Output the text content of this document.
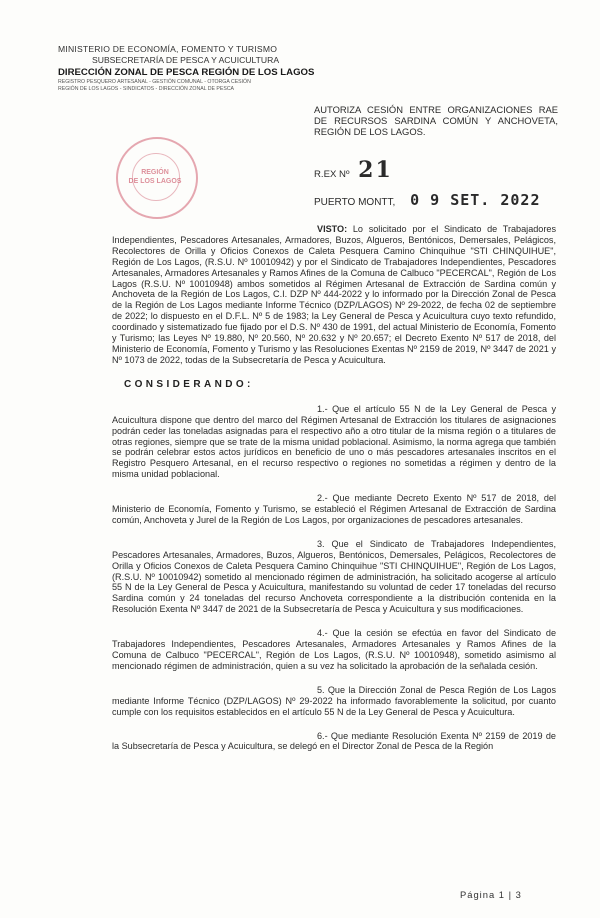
MINISTERIO DE ECONOMÍA, FOMENTO Y TURISMO
SUBSECRETARÍA DE PESCA Y ACUICULTURA
DIRECCIÓN ZONAL DE PESCA REGIÓN DE LOS LAGOS
REGISTRO PESQUERO ARTESANAL - GESTIÓN COMUNAL - OTORGA CESIÓN
REGIÓN DE LOS LAGOS - SINDICATOS - DIRECCIÓN ZONAL DE PESCA
REGIÓN
DE LOS LAGOS
AUTORIZA CESIÓN ENTRE ORGANIZACIONES RAE DE RECURSOS SARDINA COMÚN Y ANCHOVETA, REGIÓN DE LOS LAGOS.
R.EX Nº 21
PUERTO MONTT, 0 9 SET. 2022

VISTO: Lo solicitado por el Sindicato de Trabajadores Independientes, Pescadores Artesanales, Armadores, Buzos, Algueros, Bentónicos, Demersales, Pelágicos, Recolectores de Orilla y Oficios Conexos de Caleta Pesquera Camino Chinquihue "STI CHINQUIHUE", Región de Los Lagos, (R.S.U. Nº 10010942) y por el Sindicato de Trabajadores Independientes, Pescadores Artesanales, Armadores Artesanales y Ramos Afines de la Comuna de Calbuco "PECERCAL", Región de Los Lagos (R.S.U. Nº 10010948) ambos sometidos al Régimen Artesanal de Extracción de Sardina común y Anchoveta de la Región de Los Lagos, C.I. DZP Nº 444-2022 y lo informado por la Dirección Zonal de Pesca de la Región de Los Lagos mediante Informe Técnico (DZP/LAGOS) Nº 29-2022, de fecha 02 de septiembre de 2022; lo dispuesto en el D.F.L. Nº 5 de 1983; la Ley General de Pesca y Acuicultura cuyo texto refundido, coordinado y sistematizado fue fijado por el D.S. Nº 430 de 1991, del actual Ministerio de Economía, Fomento y Turismo; las Leyes Nº 19.880, Nº 20.560, Nº 20.632 y Nº 20.657; el Decreto Exento Nº 517 de 2018, del Ministerio de Economía, Fomento y Turismo y las Resoluciones Exentas Nº 2159 de 2019, Nº 3447 de 2021 y Nº 1073 de 2022, todas de la Subsecretaría de Pesca y Acuicultura.

CONSIDERANDO:

1.- Que el artículo 55 N de la Ley General de Pesca y Acuicultura dispone que dentro del marco del Régimen Artesanal de Extracción los titulares de asignaciones podrán ceder las toneladas asignadas para el respectivo año a otro titular de la misma región o a titulares de otras regiones, siempre que se trate de la misma unidad poblacional. Asimismo, la norma agrega que también se podrán celebrar estos actos jurídicos en beneficio de uno o más pescadores artesanales inscritos en el Registro Pesquero Artesanal, en el recurso respectivo o regiones no sometidas a régimen y dentro de la misma unidad poblacional.

2.- Que mediante Decreto Exento Nº 517 de 2018, del Ministerio de Economía, Fomento y Turismo, se estableció el Régimen Artesanal de Extracción de Sardina común, Anchoveta y Jurel de la Región de Los Lagos, por organizaciones de pescadores artesanales.

3. Que el Sindicato de Trabajadores Independientes, Pescadores Artesanales, Armadores, Buzos, Algueros, Bentónicos, Demersales, Pelágicos, Recolectores de Orilla y Oficios Conexos de Caleta Pesquera Camino Chinquihue "STI CHINQUIHUE", Región de Los Lagos, (R.S.U. Nº 10010942) sometido al mencionado régimen de administración, ha solicitado acogerse al artículo 55 N de la Ley General de Pesca y Acuicultura, manifestando su voluntad de ceder 17 toneladas del recurso Sardina común y 24 toneladas del recurso Anchoveta correspondiente a la distribución contenida en la Resolución Exenta Nº 3447 de 2021 de la Subsecretaría de Pesca y Acuicultura y sus modificaciones.

4.- Que la cesión se efectúa en favor del Sindicato de Trabajadores Independientes, Pescadores Artesanales, Armadores Artesanales y Ramos Afines de la Comuna de Calbuco "PECERCAL", Región de Los Lagos, (R.S.U. Nº 10010948), sometido asimismo al mencionado régimen de administración, quien a su vez ha solicitado la aprobación de la señalada cesión.

5. Que la Dirección Zonal de Pesca Región de Los Lagos mediante Informe Técnico (DZP/LAGOS) Nº 29-2022 ha informado favorablemente la solicitud, por cuanto cumple con los requisitos establecidos en el artículo 55 N de la Ley General de Pesca y Acuicultura.

6.- Que mediante Resolución Exenta Nº 2159 de 2019 de la Subsecretaría de Pesca y Acuicultura, se delegó en el Director Zonal de Pesca de la Región

Página 1 | 3
